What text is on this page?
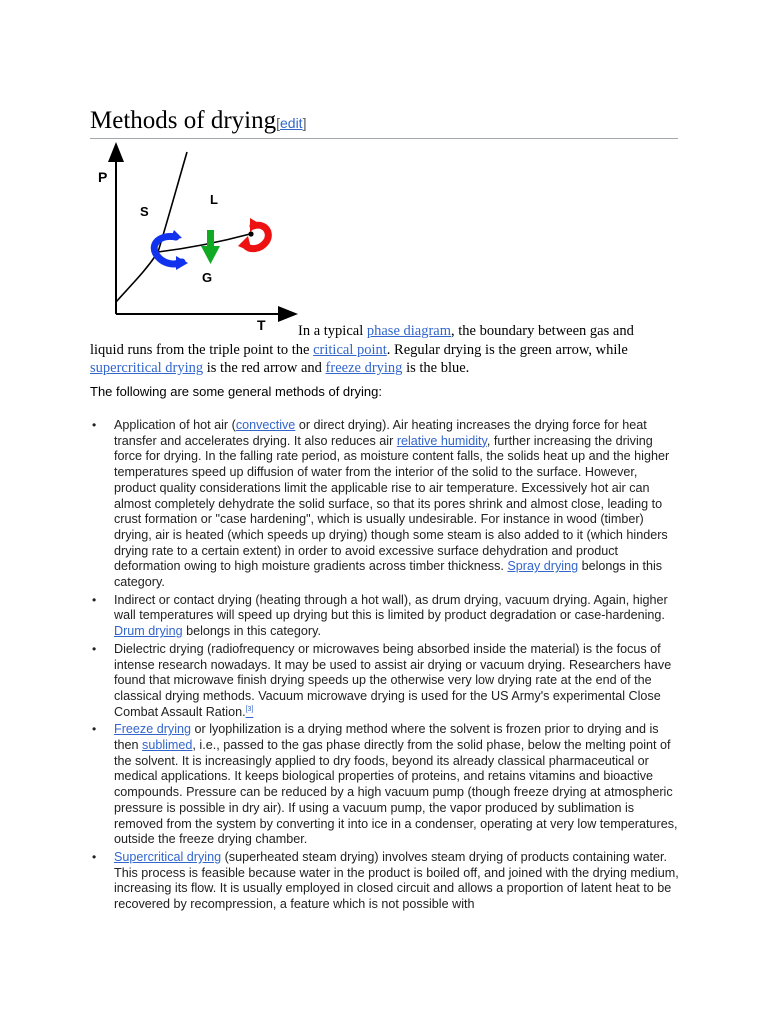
Methods of drying[edit]
P
T
S
L
G
In a typical phase diagram, the boundary between gas and liquid runs from the triple point to the critical point. Regular drying is the green arrow, while supercritical drying is the red arrow and freeze drying is the blue.
The following are some general methods of drying:
• Application of hot air (convective or direct drying). Air heating increases the drying force for heat transfer and accelerates drying. It also reduces air relative humidity, further increasing the driving force for drying. In the falling rate period, as moisture content falls, the solids heat up and the higher temperatures speed up diffusion of water from the interior of the solid to the surface. However, product quality considerations limit the applicable rise to air temperature. Excessively hot air can almost completely dehydrate the solid surface, so that its pores shrink and almost close, leading to crust formation or "case hardening", which is usually undesirable. For instance in wood (timber) drying, air is heated (which speeds up drying) though some steam is also added to it (which hinders drying rate to a certain extent) in order to avoid excessive surface dehydration and product deformation owing to high moisture gradients across timber thickness. Spray drying belongs in this category.
• Indirect or contact drying (heating through a hot wall), as drum drying, vacuum drying. Again, higher wall temperatures will speed up drying but this is limited by product degradation or case-hardening. Drum drying belongs in this category.
• Dielectric drying (radiofrequency or microwaves being absorbed inside the material) is the focus of intense research nowadays. It may be used to assist air drying or vacuum drying. Researchers have found that microwave finish drying speeds up the otherwise very low drying rate at the end of the classical drying methods. Vacuum microwave drying is used for the US Army's experimental Close Combat Assault Ration.[3]
• Freeze drying or lyophilization is a drying method where the solvent is frozen prior to drying and is then sublimed, i.e., passed to the gas phase directly from the solid phase, below the melting point of the solvent. It is increasingly applied to dry foods, beyond its already classical pharmaceutical or medical applications. It keeps biological properties of proteins, and retains vitamins and bioactive compounds. Pressure can be reduced by a high vacuum pump (though freeze drying at atmospheric pressure is possible in dry air). If using a vacuum pump, the vapor produced by sublimation is removed from the system by converting it into ice in a condenser, operating at very low temperatures, outside the freeze drying chamber.
• Supercritical drying (superheated steam drying) involves steam drying of products containing water. This process is feasible because water in the product is boiled off, and joined with the drying medium, increasing its flow. It is usually employed in closed circuit and allows a proportion of latent heat to be recovered by recompression, a feature which is not possible with
